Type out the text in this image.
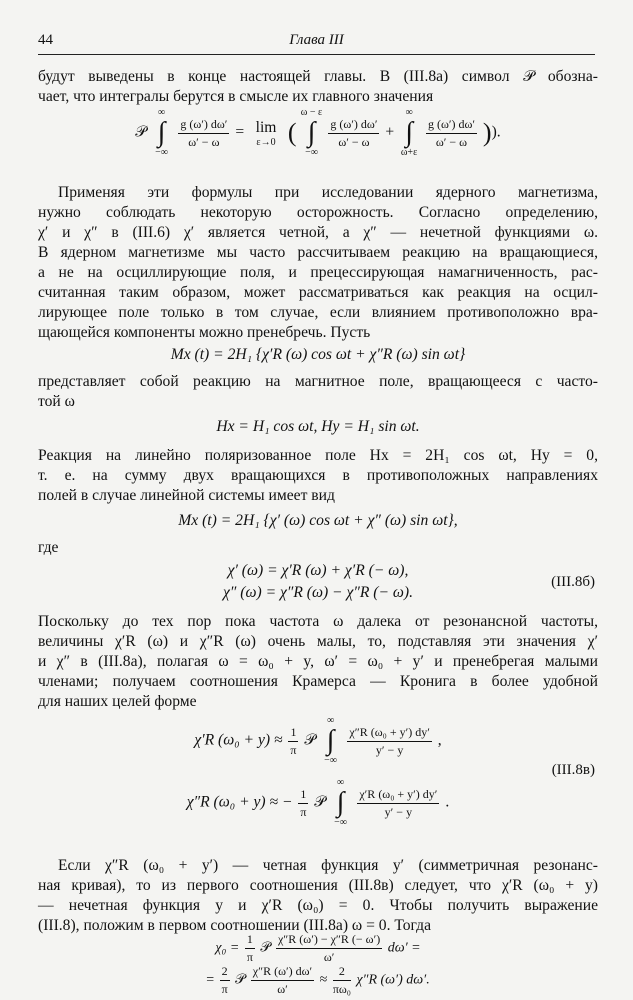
44	Глава III
будут выведены в конце настоящей главы. В (III.8а) символ 𝒫 обозна-
чает, что интегралы берутся в смысле их главного значения
𝒫
∞
∫
−∞

$\frac{g (\omega') d\omega'}{\omega' - \omega} = \lim$
ε→0 (
ω − ε
∫
−∞

$\frac{g (\omega') d\omega'}{\omega' - \omega}$ +
∞
∫
ω+ε

$\frac{g (\omega') d\omega'}{\omega' - \omega}$ )).
Применяя эти формулы при исследовании ядерного магнетизма,
нужно соблюдать некоторую осторожность. Согласно определению,
χ′ и χ″ в (III.6) χ′ является четной, а χ″ — нечетной функциями ω.
В ядерном магнетизме мы часто рассчитываем реакцию на вращающиеся,
а не на осциллирующие поля, и прецессирующая намагниченность, рас-
считанная таким образом, может рассматриваться как реакция на осцил-
лирующее поле только в том случае, если влиянием противоположно вра-
щающейся компоненты можно пренебречь. Пусть
Mx (t) = 2H₁ {χ′R (ω) cos ωt + χ″R (ω) sin ωt}
представляет собой реакцию на магнитное поле, вращающееся с часто-
той ω
Hx = H₁ cos ωt, Hy = H₁ sin ωt.
Реакция на линейно поляризованное поле Hx = 2H₁ cos ωt, Hy = 0,
т. е. на сумму двух вращающихся в противоположных направлениях
полей в случае линейной системы имеет вид
Mx (t) = 2H₁ {χ′ (ω) cos ωt + χ″ (ω) sin ωt},
где
χ′ (ω) = χ′R (ω) + χ′R (− ω),
χ″ (ω) = χ″R (ω) − χ″R (− ω).
(III.8б)
Поскольку до тех пор пока частота ω далека от резонансной частоты,
величины χ′R (ω) и χ″R (ω) очень малы, то, подставляя эти значения χ′
и χ″ в (III.8а), полагая ω = ω₀ + y, ω′ = ω₀ + y′ и пренебрегая малыми
членами; получаем соотношения Крамерса — Кронига в более удобной
для наших целей форме
χ′R $(\omega_0 + y) \approx \frac{1}{\pi}$ 𝒫
∞
∫
−∞

$\frac{\text{χ″R (ω₀ + y′) dy′}}{y' - y}$ ,
χ″R (ω₀ + y) ≈ − $\frac{1}{\pi}$ 𝒫
∞
∫
−∞

$\frac{\text{χ′R (ω₀ + y′) dy′}}{y' - y}$ .
(III.8в)
Если χ″R (ω₀ + y′) — четная функция y′ (симметричная резонанс-
ная кривая), то из первого соотношения (III.8в) следует, что χ′R (ω₀ + y)
— нечетная функция y и χ′R (ω₀) = 0. Чтобы получить выражение
(III.8), положим в первом соотношении (III.8а) ω = 0. Тогда
$\chi_0 = \frac{1}{\pi}$ 𝒫 $\frac{\chi''R (\omega') - \chi''R (- \omega')}{\omega'} d\omega'$ =
= $\frac{2}{\pi}$ 𝒫 $\frac{\chi''R (\omega') d\omega'}{\omega'} \approx \frac{2}{\text{πω₀}} \chi''R$ (ω′) dω′.
